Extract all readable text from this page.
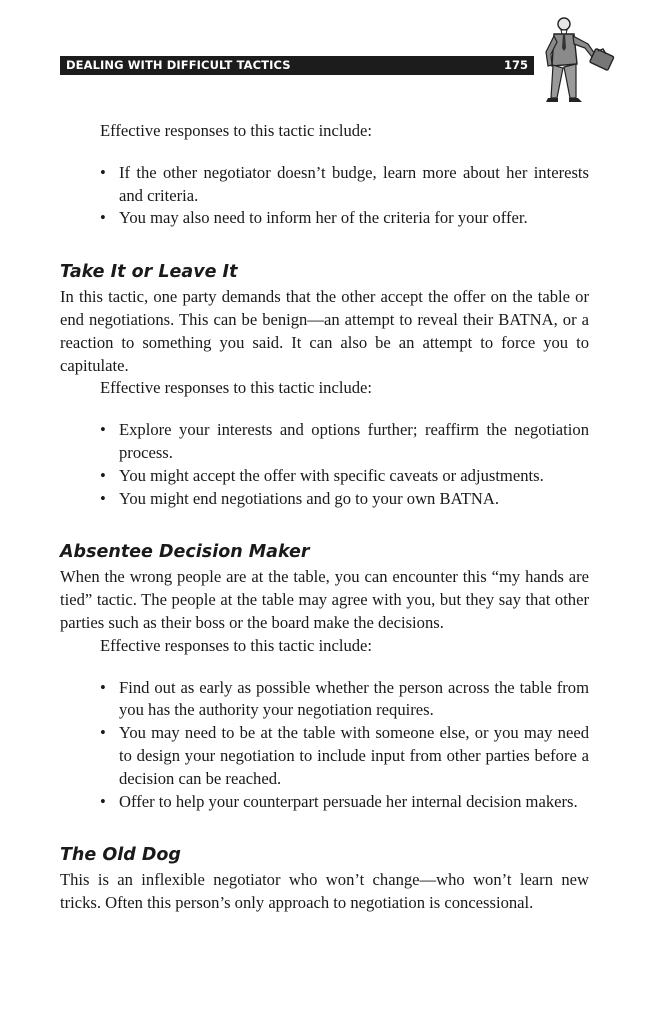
DEALING WITH DIFFICULT TACTICS	175

Effective responses to this tactic include:

• If the other negotiator doesn’t budge, learn more about her interests and criteria.
• You may also need to inform her of the criteria for your offer.
Take It or Leave It

In this tactic, one party demands that the other accept the offer on the table or end negotiations. This can be benign—an attempt to reveal their BATNA, or a reaction to something you said. It can also be an attempt to force you to capitulate.

Effective responses to this tactic include:

• Explore your interests and options further; reaffirm the negotiation process.
• You might accept the offer with specific caveats or adjustments.
• You might end negotiations and go to your own BATNA.
Absentee Decision Maker

When the wrong people are at the table, you can encounter this “my hands are tied” tactic. The people at the table may agree with you, but they say that other parties such as their boss or the board make the decisions.

Effective responses to this tactic include:

• Find out as early as possible whether the person across the table from you has the authority your negotiation requires.
• You may need to be at the table with someone else, or you may need to design your negotiation to include input from other parties before a decision can be reached.
• Offer to help your counterpart persuade her internal decision makers.
The Old Dog

This is an inflexible negotiator who won’t change—who won’t learn new tricks. Often this person’s only approach to negotiation is concessional.
